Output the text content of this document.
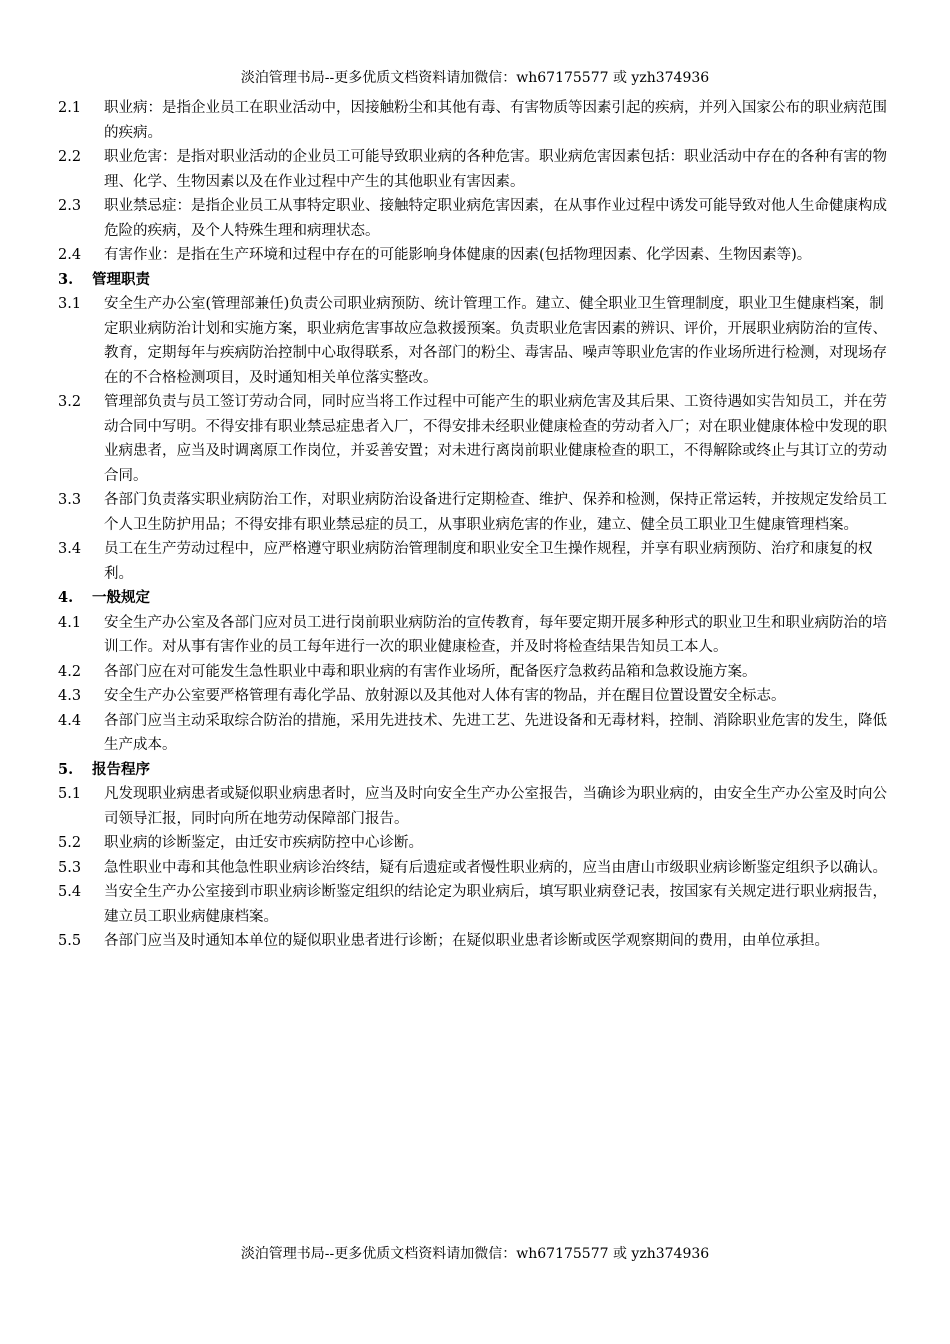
淡泊管理书局--更多优质文档资料请加微信：wh67175577 或 yzh374936
2.1	职业病：是指企业员工在职业活动中，因接触粉尘和其他有毒、有害物质等因素引起的疾病，并列入国家公布的职业病范围的疾病。
2.2	职业危害：是指对职业活动的企业员工可能导致职业病的各种危害。职业病危害因素包括：职业活动中存在的各种有害的物理、化学、生物因素以及在作业过程中产生的其他职业有害因素。
2.3	职业禁忌症：是指企业员工从事特定职业、接触特定职业病危害因素，在从事作业过程中诱发可能导致对他人生命健康构成危险的疾病，及个人特殊生理和病理状态。
2.4	有害作业：是指在生产环境和过程中存在的可能影响身体健康的因素(包括物理因素、化学因素、生物因素等)。
3.	管理职责
3.1	安全生产办公室(管理部兼任)负责公司职业病预防、统计管理工作。建立、健全职业卫生管理制度，职业卫生健康档案，制定职业病防治计划和实施方案，职业病危害事故应急救援预案。负责职业危害因素的辨识、评价，开展职业病防治的宣传、教育，定期每年与疾病防治控制中心取得联系，对各部门的粉尘、毒害品、噪声等职业危害的作业场所进行检测，对现场存在的不合格检测项目，及时通知相关单位落实整改。
3.2	管理部负责与员工签订劳动合同，同时应当将工作过程中可能产生的职业病危害及其后果、工资待遇如实告知员工，并在劳动合同中写明。不得安排有职业禁忌症患者入厂，不得安排未经职业健康检查的劳动者入厂；对在职业健康体检中发现的职业病患者，应当及时调离原工作岗位，并妥善安置；对未进行离岗前职业健康检查的职工，不得解除或终止与其订立的劳动合同。
3.3	各部门负责落实职业病防治工作，对职业病防治设备进行定期检查、维护、保养和检测，保持正常运转，并按规定发给员工个人卫生防护用品；不得安排有职业禁忌症的员工，从事职业病危害的作业，建立、健全员工职业卫生健康管理档案。
3.4	员工在生产劳动过程中，应严格遵守职业病防治管理制度和职业安全卫生操作规程，并享有职业病预防、治疗和康复的权利。
4.	一般规定
4.1	安全生产办公室及各部门应对员工进行岗前职业病防治的宣传教育，每年要定期开展多种形式的职业卫生和职业病防治的培训工作。对从事有害作业的员工每年进行一次的职业健康检查，并及时将检查结果告知员工本人。
4.2	各部门应在对可能发生急性职业中毒和职业病的有害作业场所，配备医疗急救药品箱和急救设施方案。
4.3	安全生产办公室要严格管理有毒化学品、放射源以及其他对人体有害的物品，并在醒目位置设置安全标志。
4.4	各部门应当主动采取综合防治的措施，采用先进技术、先进工艺、先进设备和无毒材料，控制、消除职业危害的发生，降低生产成本。
5.	报告程序
5.1	凡发现职业病患者或疑似职业病患者时，应当及时向安全生产办公室报告，当确诊为职业病的，由安全生产办公室及时向公司领导汇报，同时向所在地劳动保障部门报告。
5.2	职业病的诊断鉴定，由迁安市疾病防控中心诊断。
5.3	急性职业中毒和其他急性职业病诊治终结，疑有后遗症或者慢性职业病的，应当由唐山市级职业病诊断鉴定组织予以确认。
5.4	当安全生产办公室接到市职业病诊断鉴定组织的结论定为职业病后，填写职业病登记表，按国家有关规定进行职业病报告，建立员工职业病健康档案。
5.5	各部门应当及时通知本单位的疑似职业患者进行诊断；在疑似职业患者诊断或医学观察期间的费用，由单位承担。
淡泊管理书局--更多优质文档资料请加微信：wh67175577 或 yzh374936
